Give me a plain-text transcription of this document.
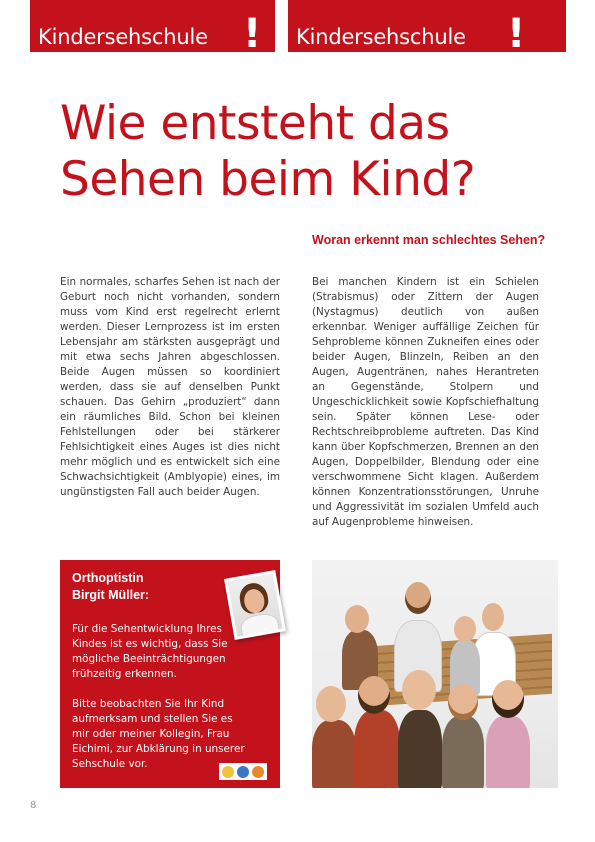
Kindersehschule ! Kindersehschule !
Wie entsteht das
Sehen beim Kind?
Ein normales, scharfes Sehen ist nach der Geburt noch nicht vorhanden, sondern muss vom Kind erst regelrecht erlernt werden. Dieser Lernprozess ist im ersten Lebensjahr am stärksten ausgeprägt und mit etwa sechs Jahren abgeschlossen. Beide Augen müssen so koordiniert werden, dass sie auf denselben Punkt schauen. Das Gehirn „produziert“ dann ein räumliches Bild. Schon bei kleinen Fehlstellungen oder bei stärkerer Fehlsichtigkeit eines Auges ist dies nicht mehr möglich und es entwickelt sich eine Schwachsichtigkeit (Amblyopie) eines, im ungünstigsten Fall auch beider Augen.
Woran erkennt man schlechtes Sehen?
Bei manchen Kindern ist ein Schielen (Strabismus) oder Zittern der Augen (Nystagmus) deutlich von außen erkennbar. Weniger auffällige Zeichen für Sehprobleme können Zukneifen eines oder beider Augen, Blinzeln, Reiben an den Augen, Augentränen, nahes Herantreten an Gegenstände, Stolpern und Ungeschicklichkeit sowie Kopfschiefhaltung sein. Später können Lese- oder Rechtschreibprobleme auftreten. Das Kind kann über Kopfschmerzen, Brennen an den Augen, Doppelbilder, Blendung oder eine verschwommene Sicht klagen. Außerdem können Konzentrationsstörungen, Unruhe und Aggressivität im sozialen Umfeld auch auf Augenprobleme hinweisen.
Orthoptistin
Birgit Müller:

Für die Sehentwicklung Ihres Kindes ist es wichtig, dass Sie mögliche Beeinträchtigungen frühzeitig erkennen.

Bitte beobachten Sie Ihr Kind aufmerksam und stellen Sie es mir oder meiner Kollegin, Frau Eichimi, zur Abklärung in unserer Sehschule vor.

8
